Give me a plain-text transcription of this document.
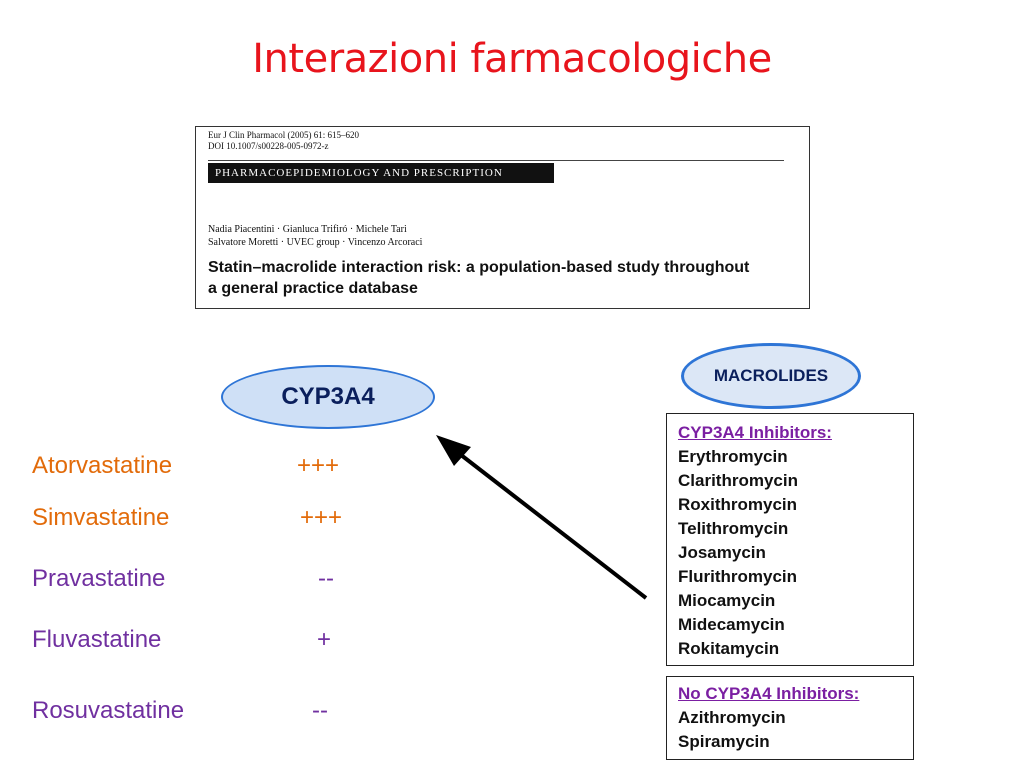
Interazioni farmacologiche
Eur J Clin Pharmacol (2005) 61: 615–620
DOI 10.1007/s00228-005-0972-z
PHARMACOEPIDEMIOLOGY AND PRESCRIPTION
Nadia Piacentini · Gianluca Trifiró · Michele Tari
Salvatore Moretti · UVEC group · Vincenzo Arcoraci
Statin–macrolide interaction risk: a population-based study throughout
a general practice database
CYP3A4
MACROLIDES
Atorvastatine	+++
Simvastatine	+++
Pravastatine	--
Fluvastatine	+
Rosuvastatine	--
CYP3A4 Inhibitors:
Erythromycin
Clarithromycin
Roxithromycin
Telithromycin
Josamycin
Flurithromycin
Miocamycin
Midecamycin
Rokitamycin
No CYP3A4 Inhibitors:
Azithromycin
Spiramycin
